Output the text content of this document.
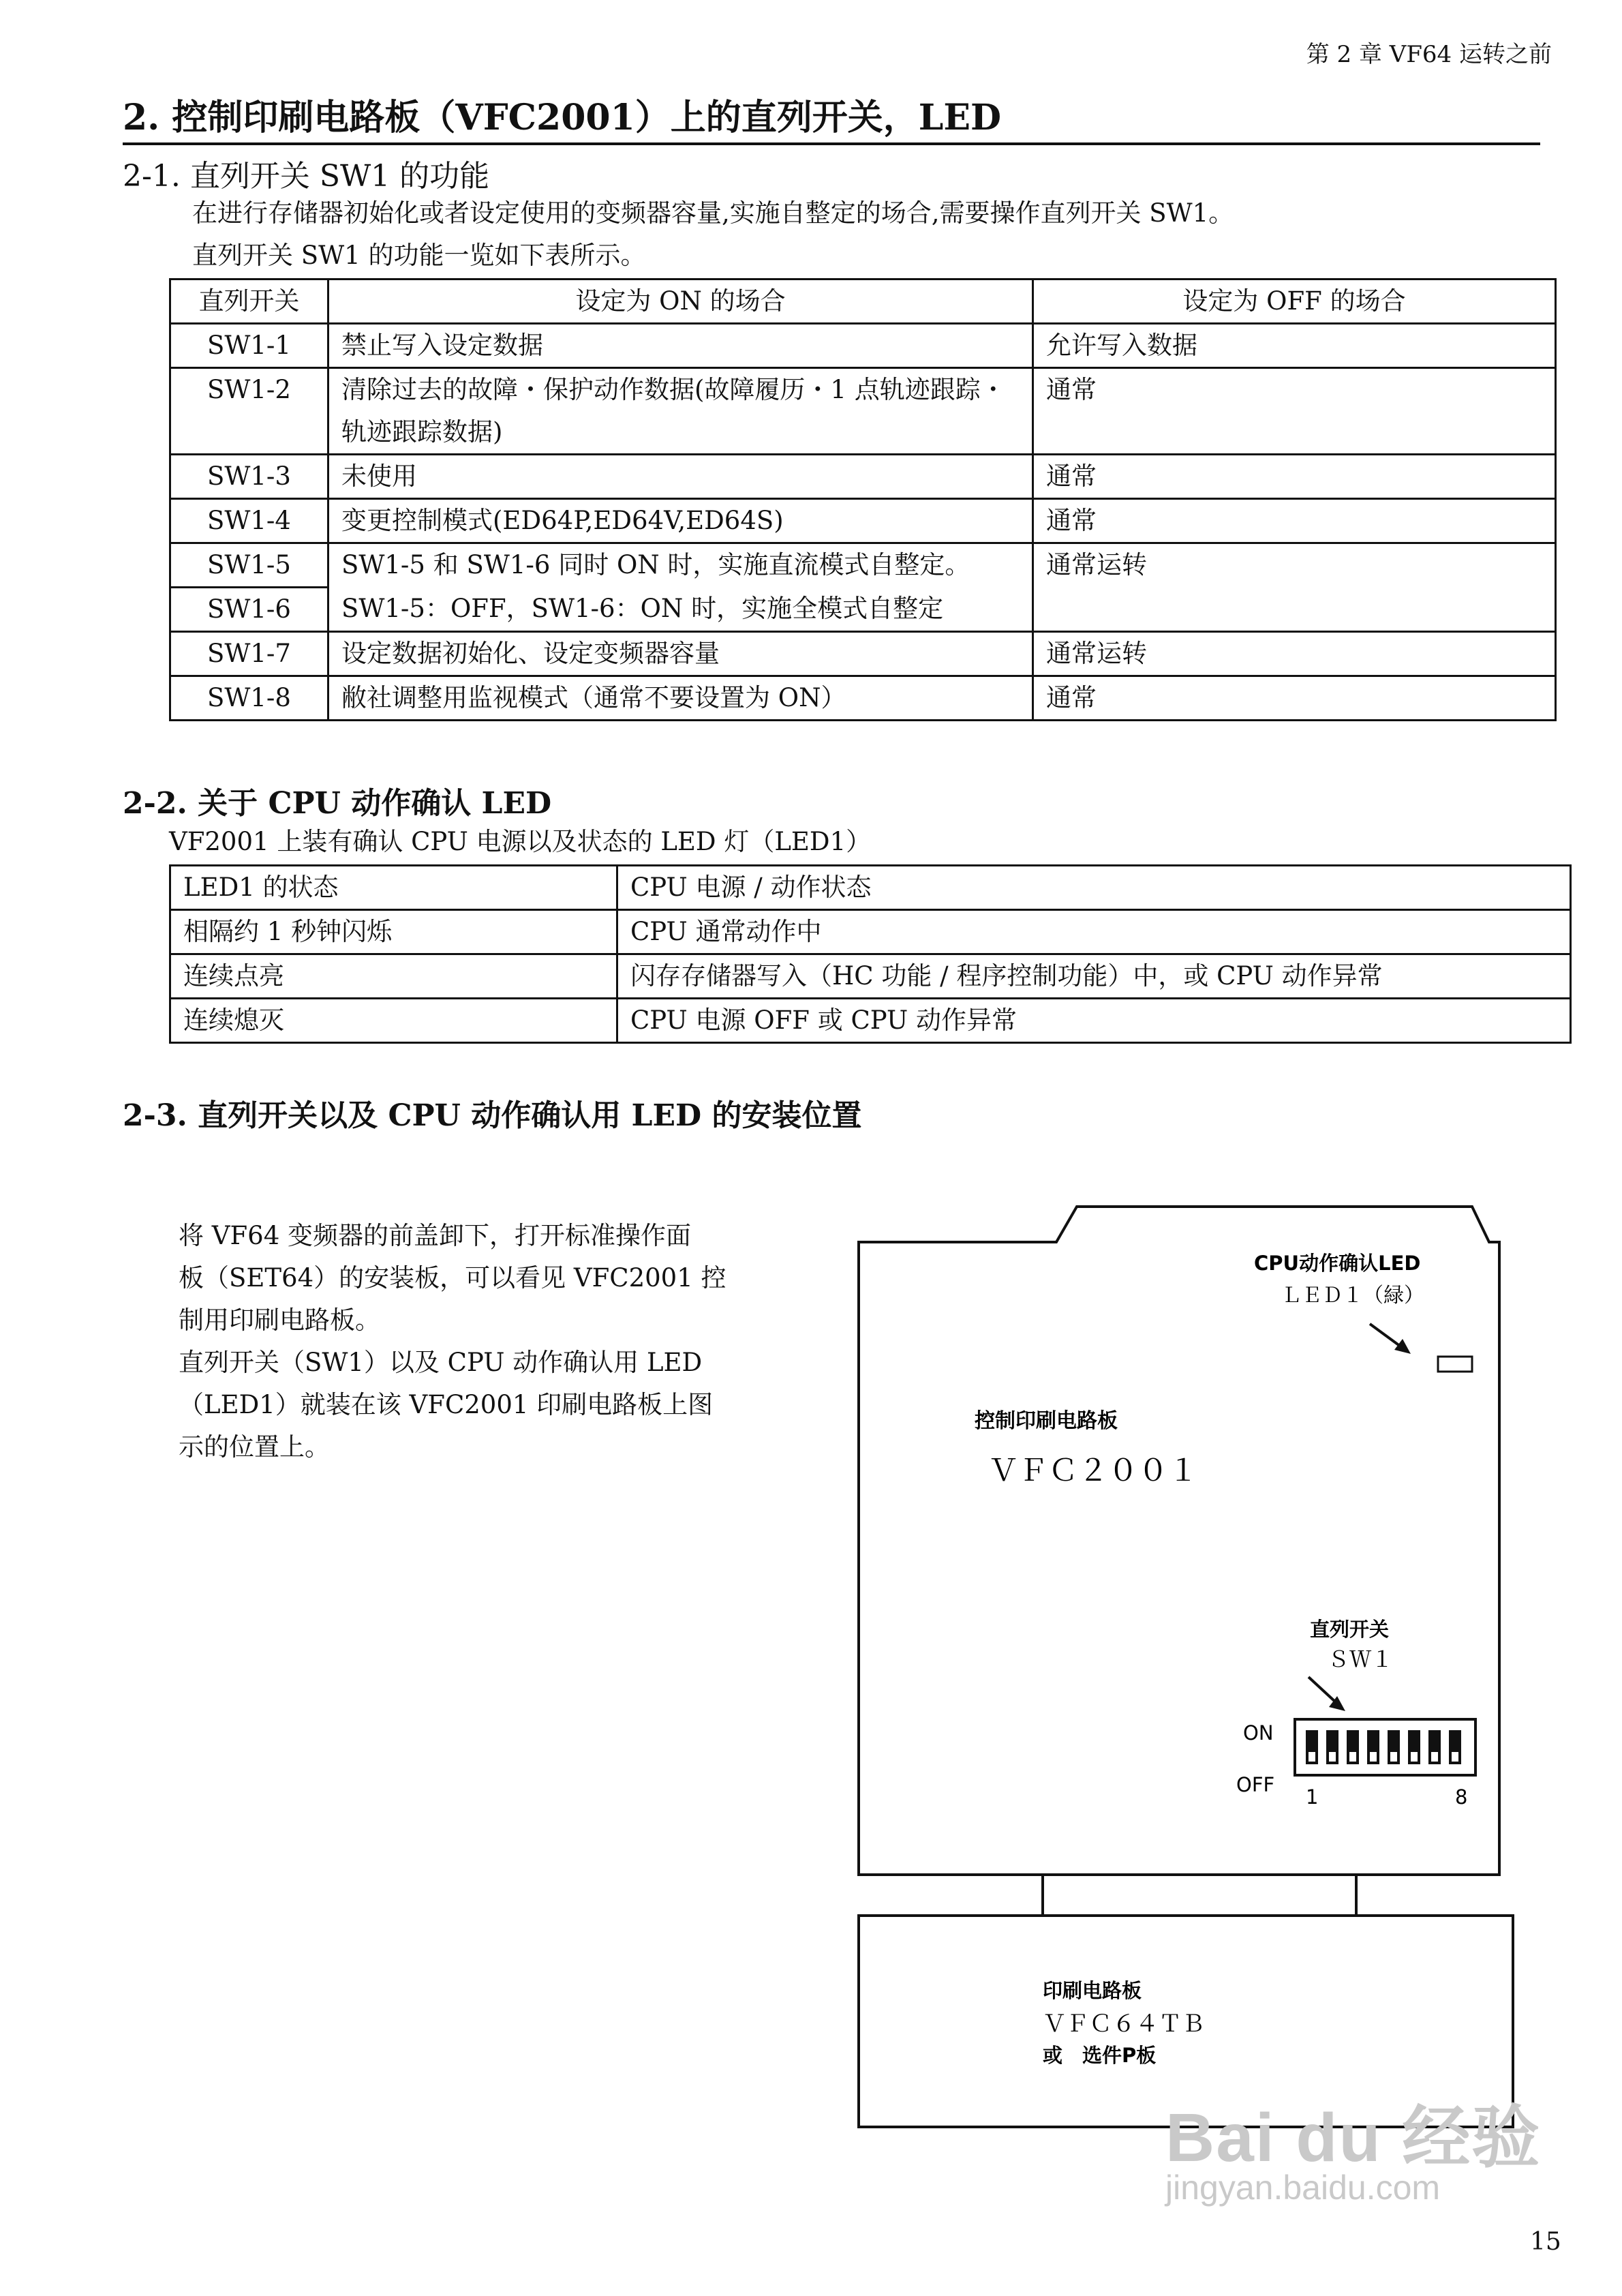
第 2 章 VF64 运转之前
2. 控制印刷电路板（VFC2001）上的直列开关，LED
2-1. 直列开关 SW1 的功能
在进行存储器初始化或者设定使用的变频器容量,实施自整定的场合,需要操作直列开关 SW1。
直列开关 SW1 的功能一览如下表所示。
直列开关	设定为 ON 的场合	设定为 OFF 的场合
SW1-1	禁止写入设定数据	允许写入数据
SW1-2	清除过去的故障・保护动作数据(故障履历・1 点轨迹跟踪・轨迹跟踪数据)	通常
SW1-3	未使用	通常
SW1-4	变更控制模式(ED64P,ED64V,ED64S)	通常
SW1-5	SW1-5 和 SW1-6 同时 ON 时，实施直流模式自整定。	通常运转
SW1-6	SW1-5：OFF，SW1-6：ON 时，实施全模式自整定	
SW1-7	设定数据初始化、设定变频器容量	通常运转
SW1-8	敝社调整用监视模式（通常不要设置为 ON）	通常
2-2. 关于 CPU 动作确认 LED
VF2001 上装有确认 CPU 电源以及状态的 LED 灯（LED1）
LED1 的状态	CPU 电源 / 动作状态
相隔约 1 秒钟闪烁	CPU 通常动作中
连续点亮	闪存存储器写入（HC 功能 / 程序控制功能）中，或 CPU 动作异常
连续熄灭	CPU 电源 OFF 或 CPU 动作异常
2-3. 直列开关以及 CPU 动作确认用 LED 的安装位置
将 VF64 变频器的前盖卸下，打开标准操作面
板（SET64）的安装板，可以看见 VFC2001 控
制用印刷电路板。
直列开关（SW1）以及 CPU 动作确认用 LED
（LED1）就装在该 VFC2001 印刷电路板上图
示的位置上。
CPU动作确认LED
ＬＥＤ１（緑）
控制印刷电路板
ＶＦＣ２００１
直列开关
ＳＷ１
ON
OFF
1	8
印刷电路板
ＶＦＣ６４ＴＢ
或　选件P板
Bai du 经验
jingyan.baidu.com
15
